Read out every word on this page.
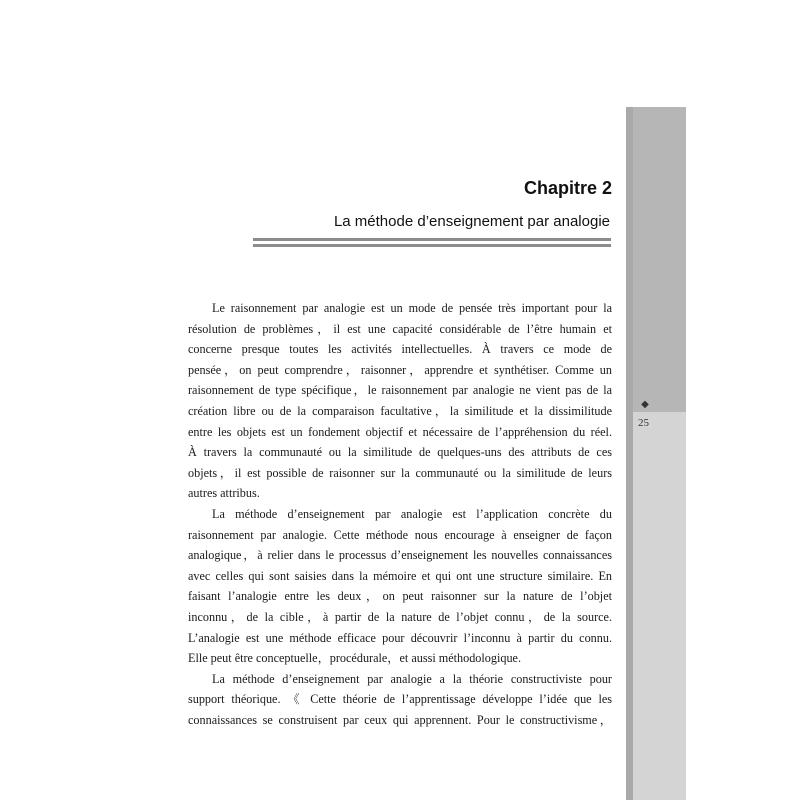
◆
25
Chapitre 2
La méthode d’enseignement par analogie

Le raisonnement par analogie est un mode de pensée très important pour la
résolution de problèmes，il est une capacité considérable de l’être humain et
concerne presque toutes les activités intellectuelles. À travers ce mode de
pensée，on peut comprendre，raisonner，apprendre et synthétiser. Comme un
raisonnement de type spécifique，le raisonnement par analogie ne vient pas de la
création libre ou de la comparaison facultative，la similitude et la dissimilitude
entre les objets est un fondement objectif et nécessaire de l’appréhension du réel.
À travers la communauté ou la similitude de quelques-uns des attributs de ces
objets，il est possible de raisonner sur la communauté ou la similitude de leurs
autres attribus.

La méthode d’enseignement par analogie est l’application concrète du
raisonnement par analogie. Cette méthode nous encourage à enseigner de façon
analogique，à relier dans le processus d’enseignement les nouvelles connaissances
avec celles qui sont saisies dans la mémoire et qui ont une structure similaire. En
faisant l’analogie entre les deux，on peut raisonner sur la nature de l’objet
inconnu，de la cible，à partir de la nature de l’objet connu，de la source.
L’analogie est une méthode efficace pour découvrir l’inconnu à partir du connu.
Elle peut être conceptuelle，procédurale，et aussi méthodologique.

La méthode d’enseignement par analogie a la théorie constructiviste pour
support théorique. 《 Cette théorie de l’apprentissage développe l’idée que les
connaissances se construisent par ceux qui apprennent. Pour le constructivisme，
